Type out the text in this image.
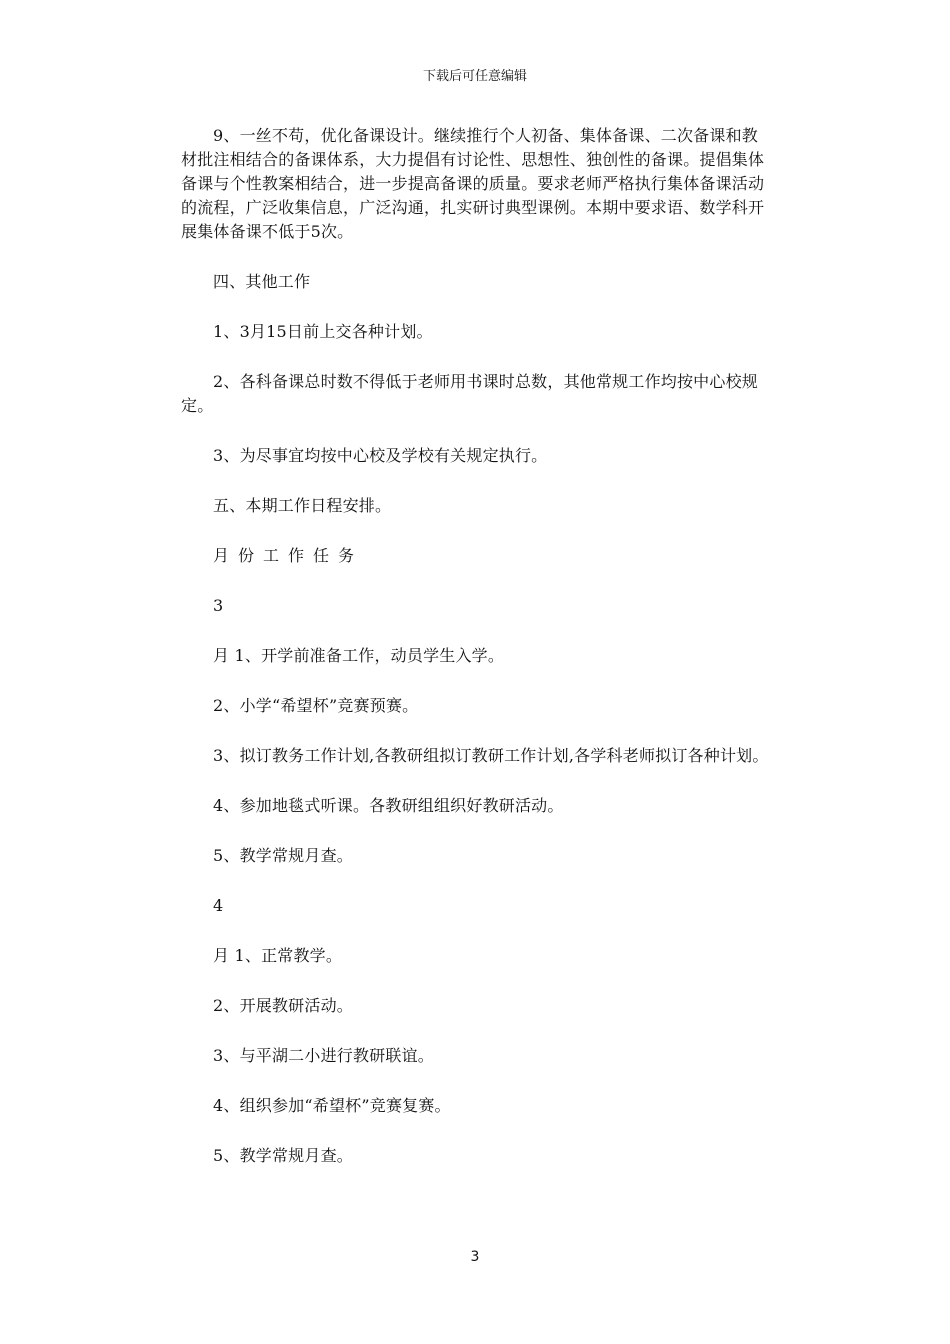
下载后可任意编辑

9、一丝不苟，优化备课设计。继续推行个人初备、集体备课、二次备课和教材批注相结合的备课体系，大力提倡有讨论性、思想性、独创性的备课。提倡集体备课与个性教案相结合，进一步提高备课的质量。要求老师严格执行集体备课活动的流程，广泛收集信息，广泛沟通，扎实研讨典型课例。本期中要求语、数学科开展集体备课不低于5次。

四、其他工作

1、3月15日前上交各种计划。

2、各科备课总时数不得低于老师用书课时总数，其他常规工作均按中心校规定。

3、为尽事宜均按中心校及学校有关规定执行。

五、本期工作日程安排。

月份工作任务

3

月 1、开学前准备工作，动员学生入学。

2、小学“希望杯”竞赛预赛。

3、拟订教务工作计划,各教研组拟订教研工作计划,各学科老师拟订各种计划。

4、参加地毯式听课。各教研组组织好教研活动。

5、教学常规月查。

4

月 1、正常教学。

2、开展教研活动。

3、与平湖二小进行教研联谊。

4、组织参加“希望杯”竞赛复赛。

5、教学常规月查。

3
